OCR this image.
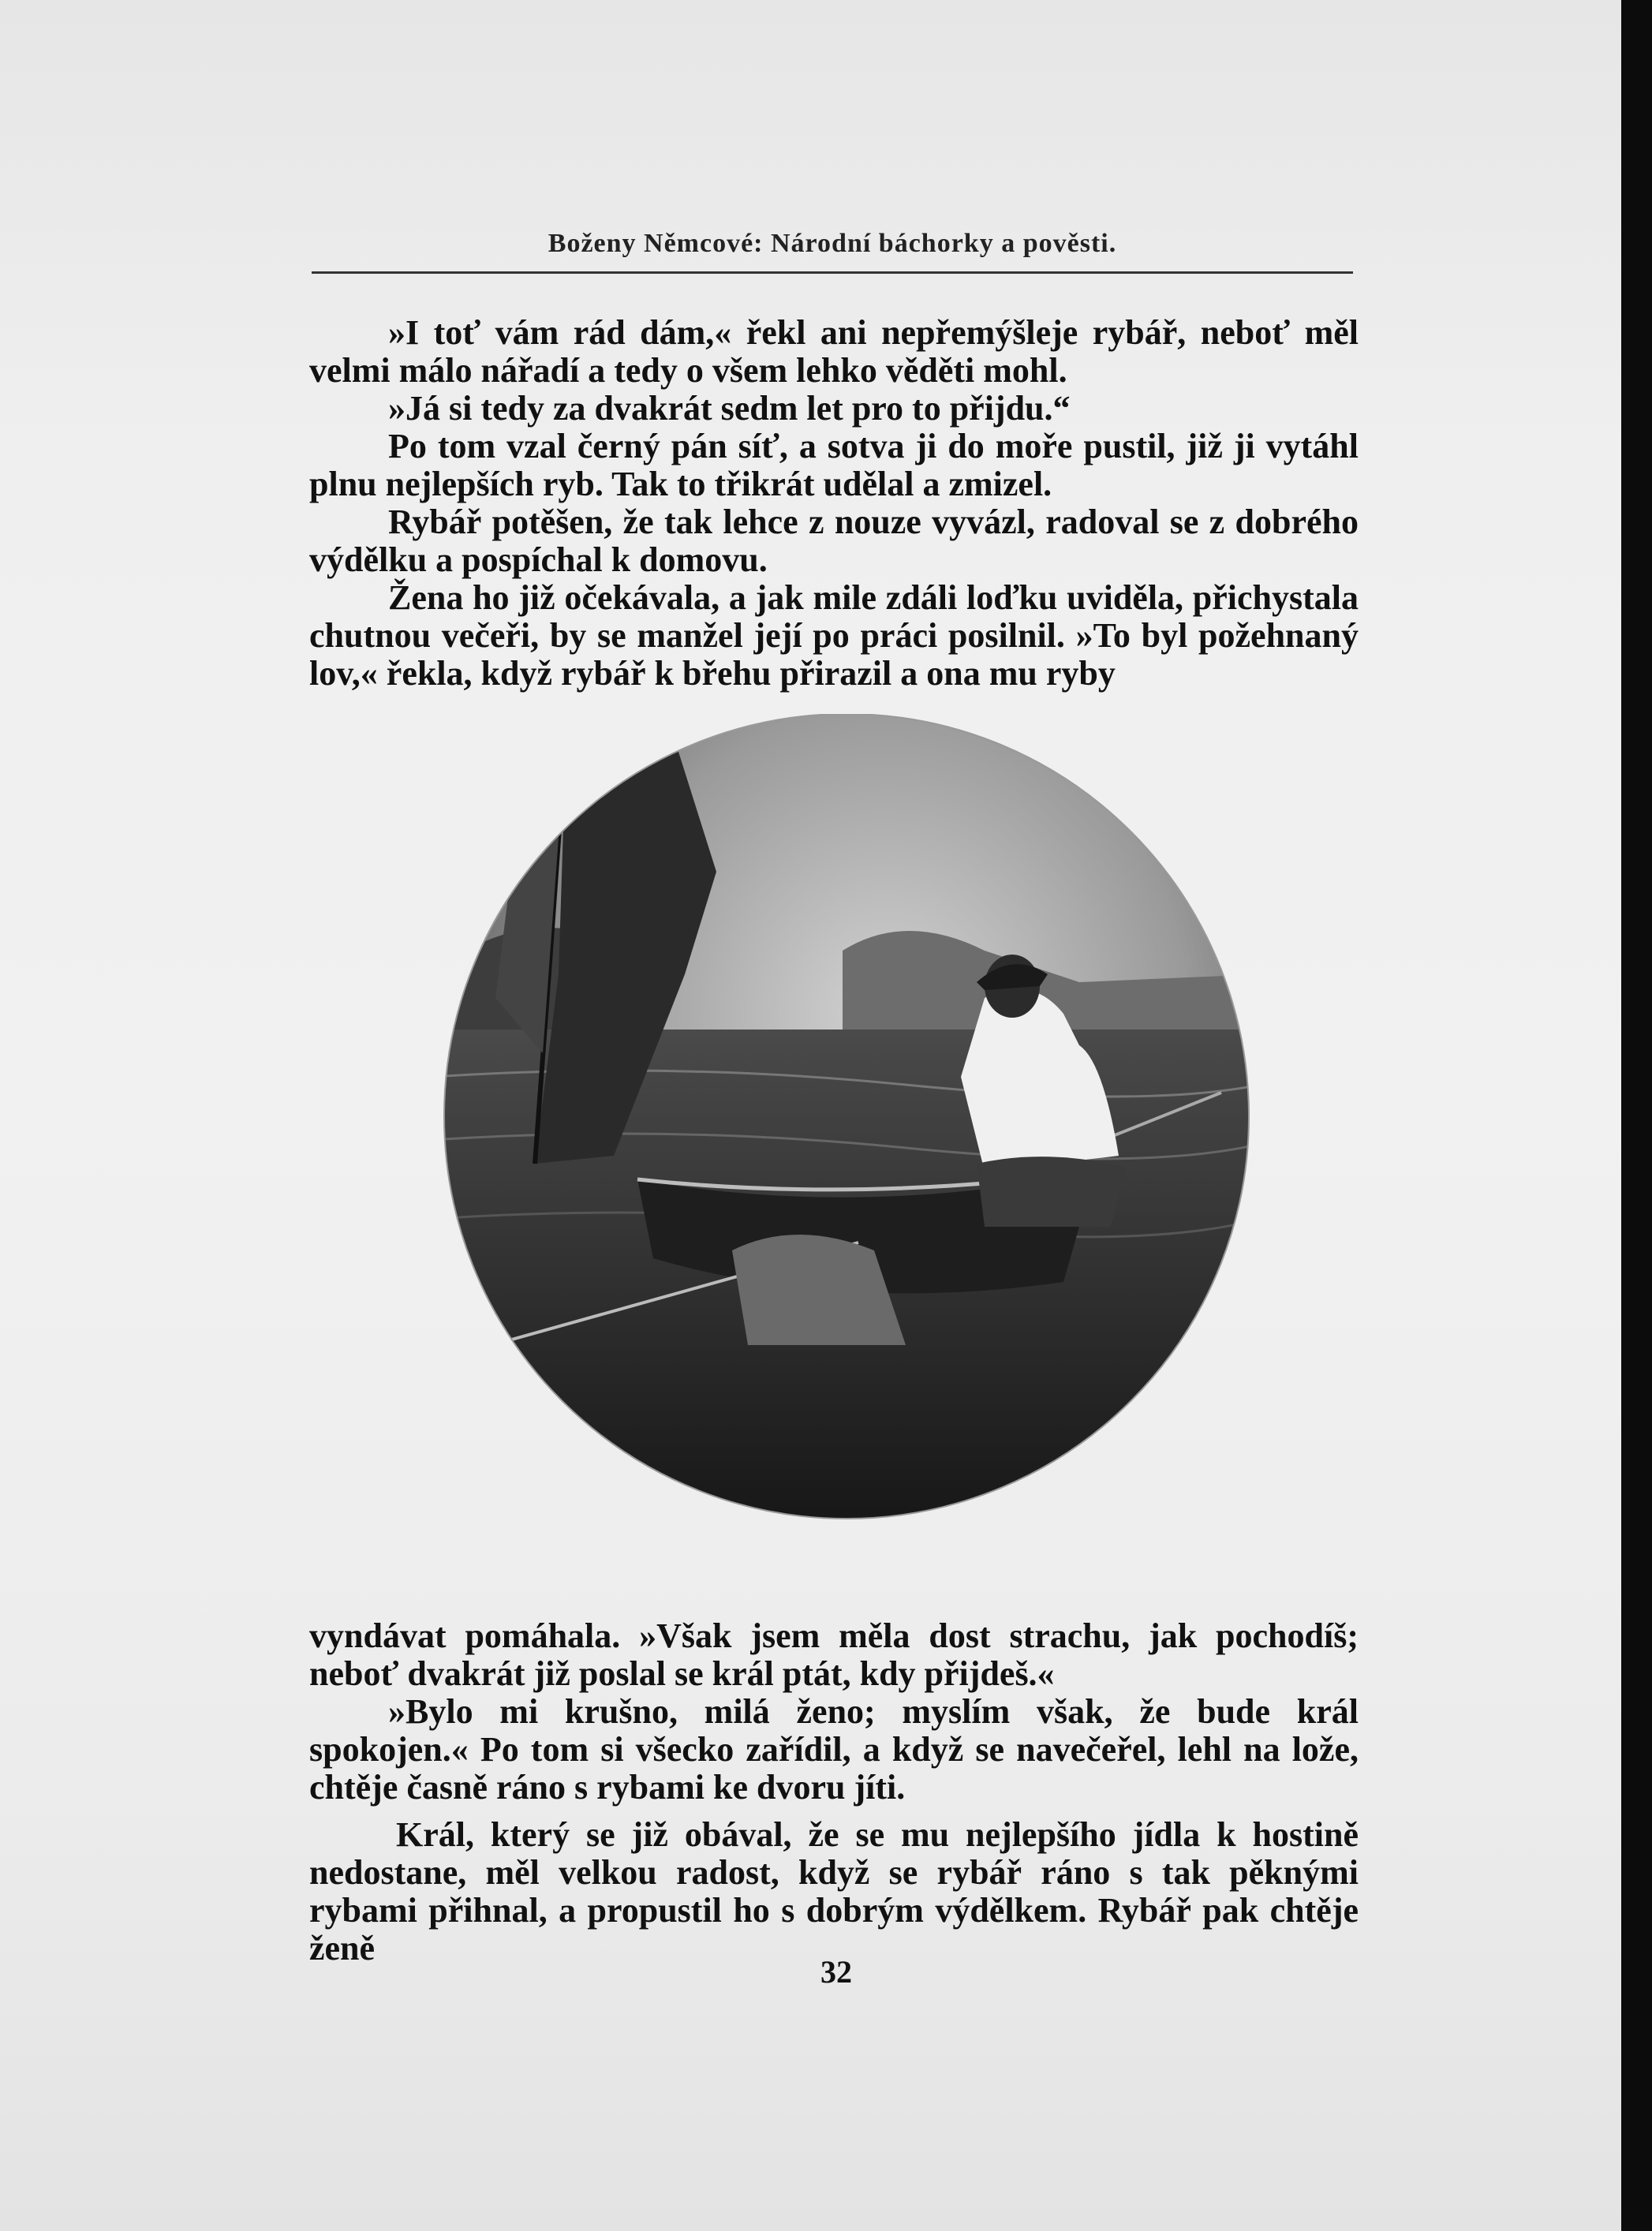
Boženy Němcové: Národní báchorky a pověsti.

»I toť vám rád dám,« řekl ani nepřemýšleje rybář, neboť měl velmi málo nářadí a tedy o všem lehko věděti mohl.

»Já si tedy za dvakrát sedm let pro to přijdu.“

Po tom vzal černý pán síť, a sotva ji do moře pustil, již ji vytáhl plnu nejlepších ryb. Tak to třikrát udělal a zmizel.

Rybář potěšen, že tak lehce z nouze vyvázl, radoval se z dobrého výdělku a pospíchal k domovu.

Žena ho již očekávala, a jak mile zdáli loďku uviděla, přichystala chutnou večeři, by se manžel její po práci posilnil. »To byl požehnaný lov,« řekla, když rybář k břehu přirazil a ona mu ryby

vyndávat pomáhala. »Však jsem měla dost strachu, jak pochodíš; neboť dvakrát již poslal se král ptát, kdy přijdeš.«

»Bylo mi krušno, milá ženo; myslím však, že bude král spokojen.« Po tom si všecko zařídil, a když se navečeřel, lehl na lože, chtěje časně ráno s rybami ke dvoru jíti.

Král, který se již obával, že se mu nejlepšího jídla k hostině nedostane, měl velkou radost, když se rybář ráno s tak pěknými rybami přihnal, a propustil ho s dobrým výdělkem. Rybář pak chtěje ženě

32
